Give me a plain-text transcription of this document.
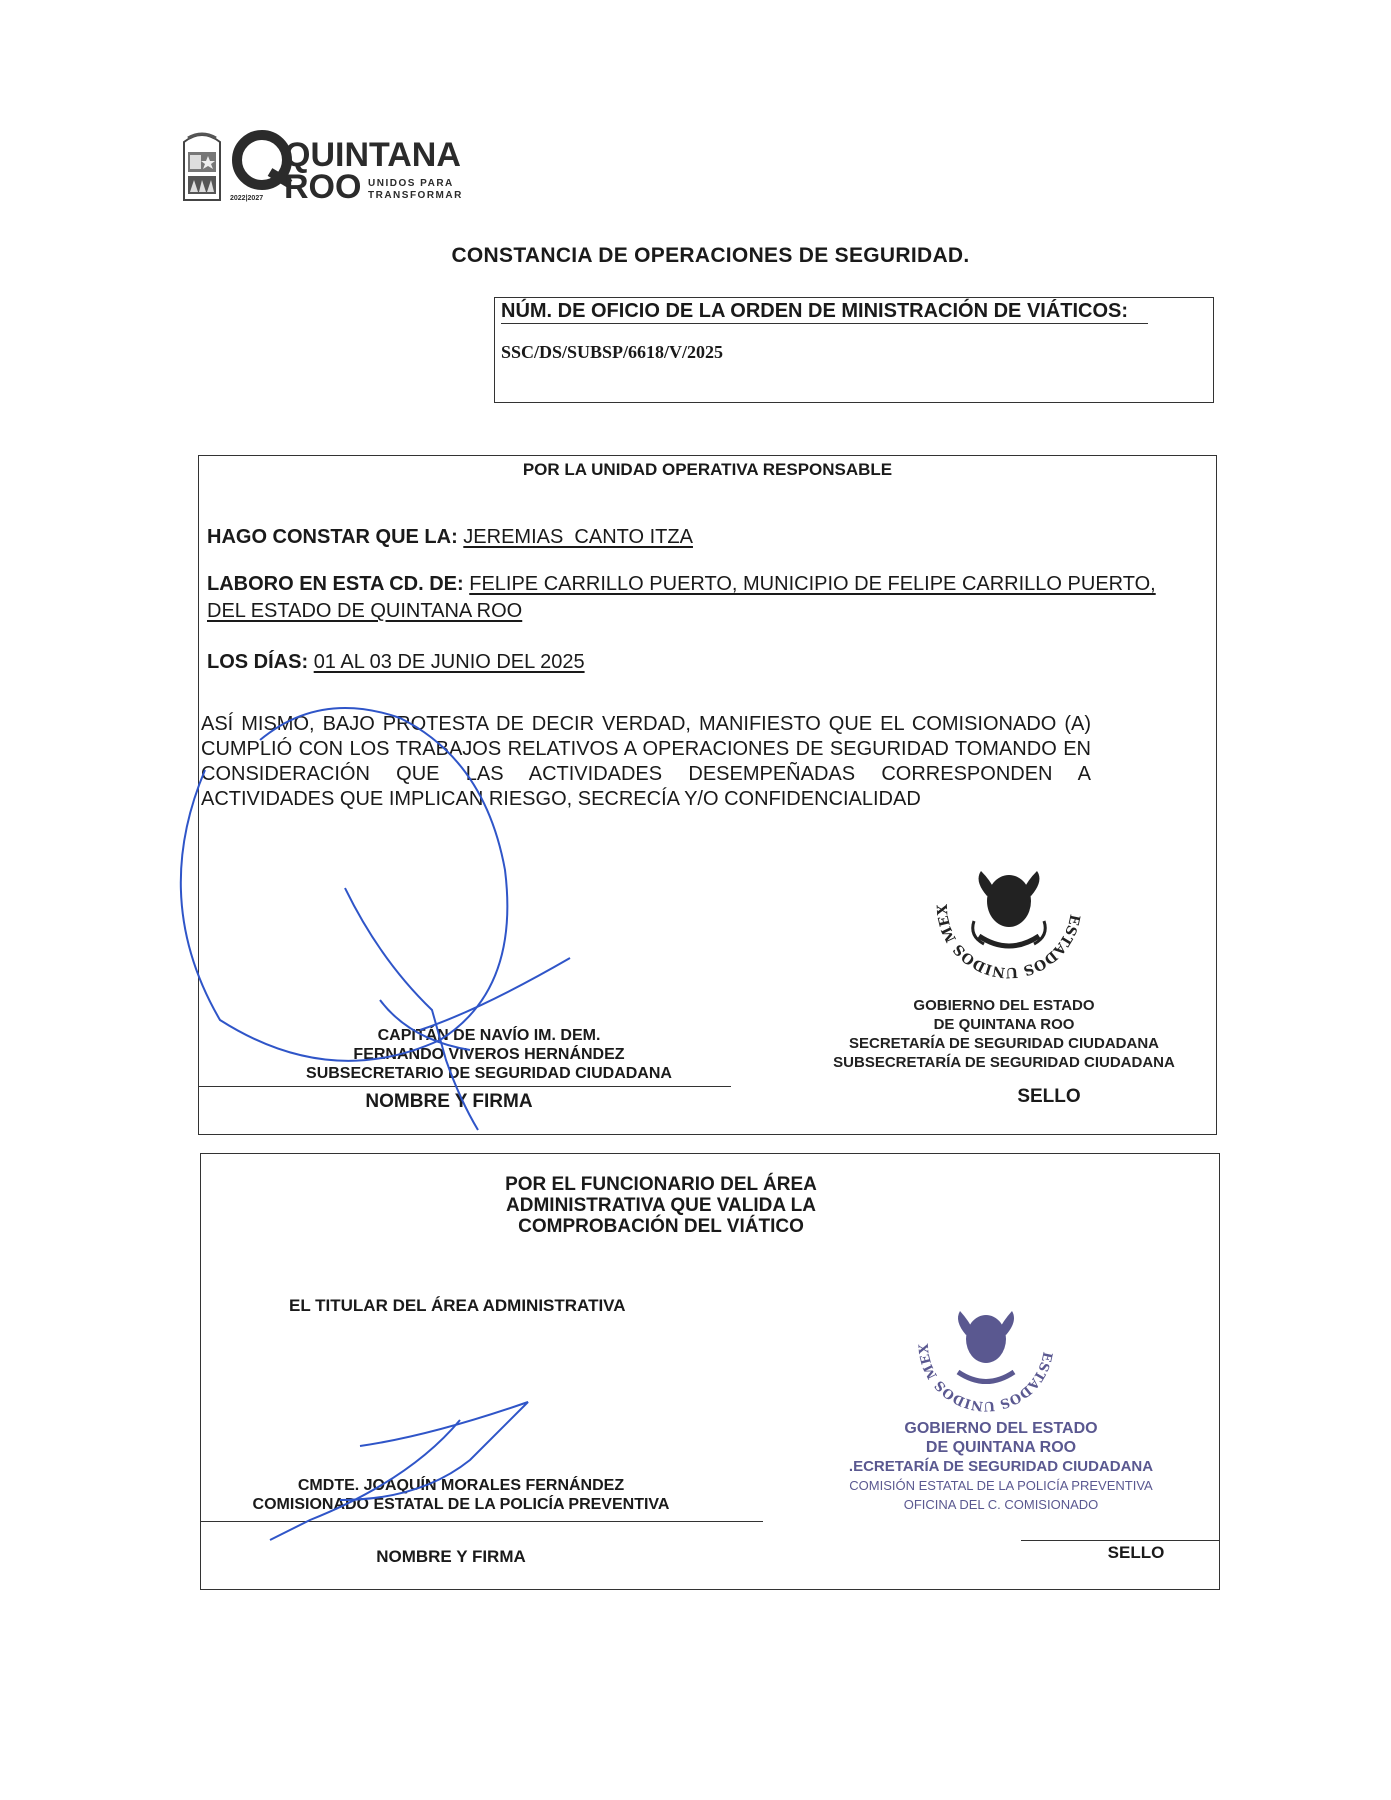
QUINTANA
ROO UNIDOS PARA
TRANSFORMAR
2022|2027
CONSTANCIA DE OPERACIONES DE SEGURIDAD.
NÚM. DE OFICIO DE LA ORDEN DE MINISTRACIÓN DE VIÁTICOS:
SSC/DS/SUBSP/6618/V/2025
POR LA UNIDAD OPERATIVA RESPONSABLE
HAGO CONSTAR QUE LA: JEREMIAS  CANTO ITZA
LABORO EN ESTA CD. DE: FELIPE CARRILLO PUERTO, MUNICIPIO DE FELIPE CARRILLO PUERTO, DEL ESTADO DE QUINTANA ROO
LOS DÍAS: 01 AL 03 DE JUNIO DEL 2025
ASÍ MISMO, BAJO PROTESTA DE DECIR VERDAD, MANIFIESTO QUE EL COMISIONADO (A) CUMPLIÓ CON LOS TRABAJOS RELATIVOS A OPERACIONES DE SEGURIDAD TOMANDO EN CONSIDERACIÓN QUE LAS ACTIVIDADES DESEMPEÑADAS CORRESPONDEN A ACTIVIDADES QUE IMPLICAN RIESGO, SECRECÍA Y/O CONFIDENCIALIDAD
ESTADOS UNIDOS MEX
GOBIERNO DEL ESTADO
DE QUINTANA ROO
SECRETARÍA DE SEGURIDAD CIUDADANA
SUBSECRETARÍA DE SEGURIDAD CIUDADANA
CAPITÁN DE NAVÍO IM. DEM.
FERNANDO VIVEROS HERNÁNDEZ
SUBSECRETARIO DE SEGURIDAD CIUDADANA
NOMBRE Y FIRMA	SELLO
POR EL FUNCIONARIO DEL ÁREA
ADMINISTRATIVA QUE VALIDA LA
COMPROBACIÓN DEL VIÁTICO
EL TITULAR DEL ÁREA ADMINISTRATIVA
ESTADOS UNIDOS MEX
GOBIERNO DEL ESTADO
DE QUINTANA ROO
.ECRETARÍA DE SEGURIDAD CIUDADANA
COMISIÓN ESTATAL DE LA POLICÍA PREVENTIVA
OFICINA DEL C. COMISIONADO
CMDTE. JOAQUÍN MORALES FERNÁNDEZ
COMISIONADO ESTATAL DE LA POLICÍA PREVENTIVA
NOMBRE Y FIRMA	SELLO
